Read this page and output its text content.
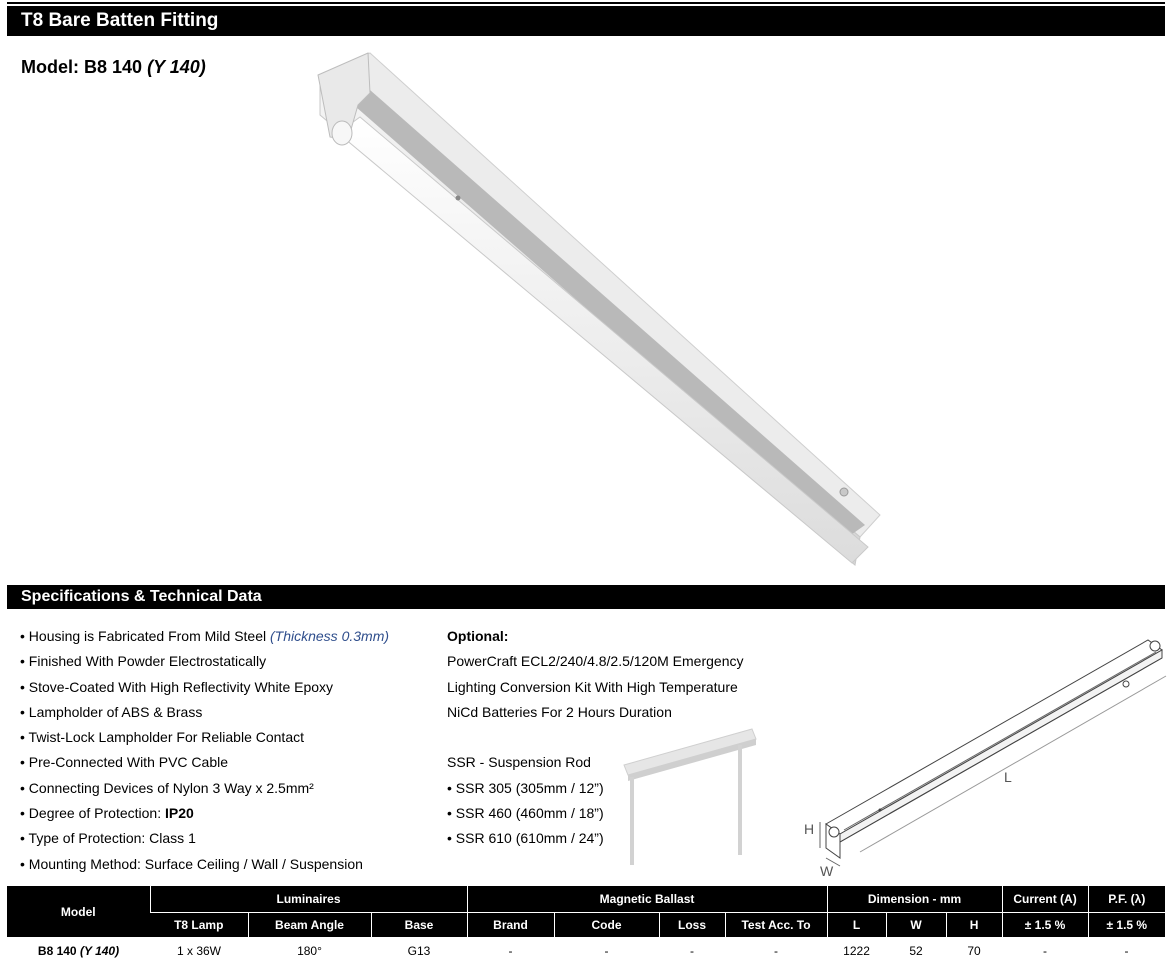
T8 Bare Batten Fitting
Model: B8 140 (Y 140)
Specifications & Technical Data
• Housing is Fabricated From Mild Steel (Thickness 0.3mm)
• Finished With Powder Electrostatically
• Stove-Coated With High Reflectivity White Epoxy
• Lampholder of ABS & Brass
• Twist-Lock Lampholder For Reliable Contact
• Pre-Connected With PVC Cable
• Connecting Devices of Nylon 3 Way x 2.5mm²
• Degree of Protection: IP20
• Type of Protection: Class 1
• Mounting Method: Surface Ceiling / Wall / Suspension
Optional:
PowerCraft ECL2/240/4.8/2.5/120M Emergency
Lighting Conversion Kit With High Temperature
NiCd Batteries For 2 Hours Duration
SSR - Suspension Rod
• SSR 305 (305mm / 12”)
• SSR 460 (460mm / 18”)
• SSR 610 (610mm / 24”)
L
H
W
Model	Luminaires			Magnetic Ballast				Dimension - mm			Current (A)	P.F. (λ)
	T8 Lamp	Beam Angle	Base	Brand	Code	Loss	Test Acc. To	L	W	H	± 1.5 %	± 1.5 %
B8 140 (Y 140)	1 x 36W	180°	G13	-	-	-	-	1222	52	70	-	-
